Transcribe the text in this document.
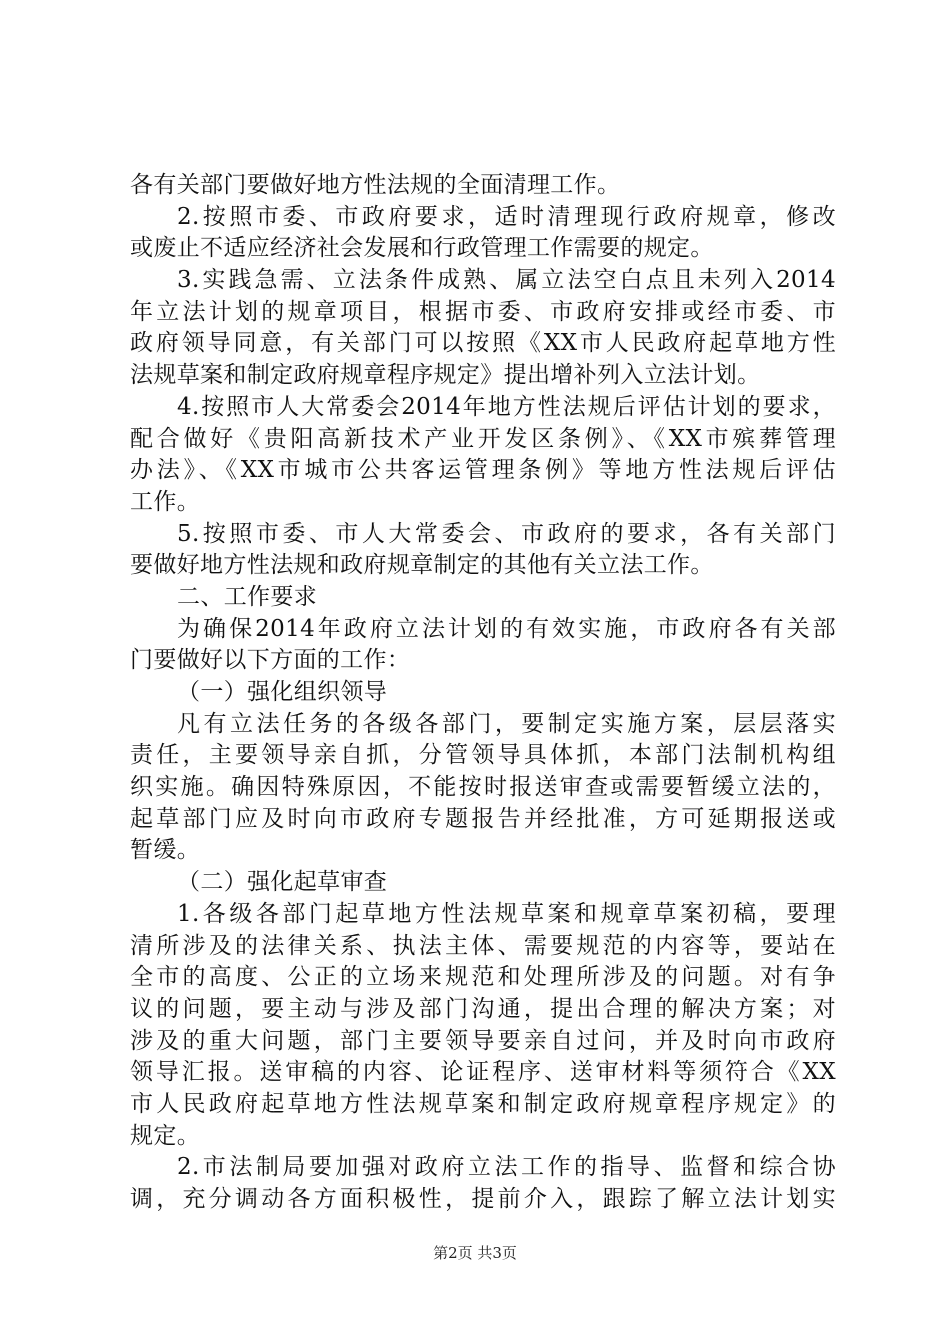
各有关部门要做好地方性法规的全面清理工作。
2.按照市委、市政府要求，适时清理现行政府规章，修改
或废止不适应经济社会发展和行政管理工作需要的规定。
3.实践急需、立法条件成熟、属立法空白点且未列入2014
年立法计划的规章项目，根据市委、市政府安排或经市委、市
政府领导同意，有关部门可以按照《XX市人民政府起草地方性
法规草案和制定政府规章程序规定》提出增补列入立法计划。
4.按照市人大常委会2014年地方性法规后评估计划的要求，
配合做好《贵阳高新技术产业开发区条例》、《XX市殡葬管理
办法》、《XX市城市公共客运管理条例》等地方性法规后评估
工作。
5.按照市委、市人大常委会、市政府的要求，各有关部门
要做好地方性法规和政府规章制定的其他有关立法工作。
二、工作要求
为确保2014年政府立法计划的有效实施，市政府各有关部
门要做好以下方面的工作：
（一）强化组织领导
凡有立法任务的各级各部门，要制定实施方案，层层落实
责任，主要领导亲自抓，分管领导具体抓，本部门法制机构组
织实施。确因特殊原因，不能按时报送审查或需要暂缓立法的，
起草部门应及时向市政府专题报告并经批准，方可延期报送或
暂缓。
（二）强化起草审查
1.各级各部门起草地方性法规草案和规章草案初稿，要理
清所涉及的法律关系、执法主体、需要规范的内容等，要站在
全市的高度、公正的立场来规范和处理所涉及的问题。对有争
议的问题，要主动与涉及部门沟通，提出合理的解决方案；对
涉及的重大问题，部门主要领导要亲自过问，并及时向市政府
领导汇报。送审稿的内容、论证程序、送审材料等须符合《XX
市人民政府起草地方性法规草案和制定政府规章程序规定》的
规定。
2.市法制局要加强对政府立法工作的指导、监督和综合协
调，充分调动各方面积极性，提前介入，跟踪了解立法计划实
第2页 共3页
